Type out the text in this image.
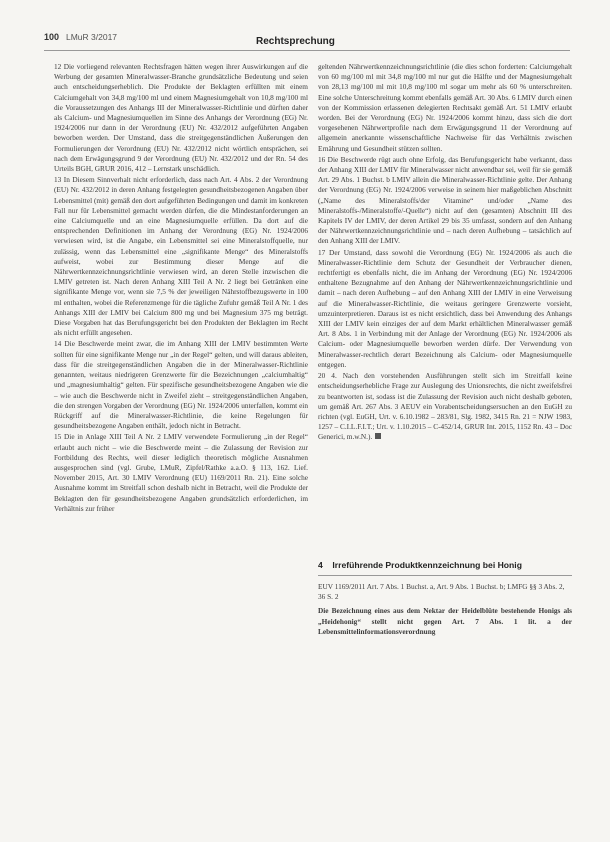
100 LMuR 3/2017	Rechtsprechung

12 Die vorliegend relevanten Rechtsfragen hätten wegen ihrer Auswirkungen auf die Werbung der gesamten Mineralwasser-Branche grundsätzliche Bedeutung und seien auch entscheidungserheblich. Die Produkte der Beklagten erfüllten mit einem Calciumgehalt von 34,8 mg/100 ml und einem Magnesiumgehalt von 10,8 mg/100 ml die Voraussetzungen des Anhangs III der Mineralwasser-Richtlinie und dürften daher als Calcium- und Magnesiumquellen im Sinne des Anhangs der Verordnung (EG) Nr. 1924/2006 nur dann in der Verordnung (EU) Nr. 432/2012 aufgeführten Angaben beworben werden. Der Umstand, dass die streitgegenständlichen Äußerungen den Formulierungen der Verordnung (EU) Nr. 432/2012 nicht wörtlich entsprächen, sei nach dem Erwägungsgrund 9 der Verordnung (EU) Nr. 432/2012 und der Rn. 54 des Urteils BGH, GRUR 2016, 412 – Lernstark unschädlich.

13 In Diesem Sinnverhalt nicht erforderlich, dass nach Art. 4 Abs. 2 der Verordnung (EU) Nr. 432/2012 in deren Anhang festgelegten gesundheitsbezogenen Angaben über Lebensmittel (mit) gemäß den dort aufgeführten Bedingungen und damit im konkreten Fall nur für Lebensmittel gemacht werden dürfen, die die Mindestanforderungen an eine Calciumquelle und an eine Magnesiumquelle erfüllen. Da dort auf die entsprechenden Definitionen im Anhang der Verordnung (EG) Nr. 1924/2006 verwiesen wird, ist die Angabe, ein Lebensmittel sei eine Mineralstoffquelle, nur zulässig, wenn das Lebensmittel eine „signifikante Menge“ des Mineralstoffs aufweist, wobei zur Bestimmung dieser Menge auf die Nährwertkennzeichnungsrichtlinie verwiesen wird, an deren Stelle inzwischen die LMIV getreten ist. Nach deren Anhang XIII Teil A Nr. 2 liegt bei Getränken eine signifikante Menge vor, wenn sie 7,5 % der jeweiligen Nährstoffbezugswerte in 100 ml enthalten, wobei die Referenzmenge für die tägliche Zufuhr gemäß Teil A Nr. 1 des Anhangs XIII der LMIV bei Calcium 800 mg und bei Magnesium 375 mg beträgt. Diese Vorgaben hat das Berufungsgericht bei den Produkten der Beklagten im Recht als nicht erfüllt angesehen.

14 Die Beschwerde meint zwar, die im Anhang XIII der LMIV bestimmten Werte sollten für eine signifikante Menge nur „in der Regel“ gelten, und will daraus ableiten, dass für die streitgegenständlichen Angaben die in der Mineralwasser-Richtlinie genannten, weitaus niedrigeren Grenzwerte für die Bezeichnungen „calciumhaltig“ und „magnesiumhaltig“ gelten. Für spezifische gesundheitsbezogene Angaben wie die – wie auch die Beschwerde nicht in Zweifel zieht – streitgegenständlichen Angaben, die den strengen Vorgaben der Verordnung (EG) Nr. 1924/2006 unterfallen, kommt ein Rückgriff auf die Mineralwasser-Richtlinie, die keine Regelungen für gesundheitsbezogene Angaben enthält, jedoch nicht in Betracht.

15 Die in Anlage XIII Teil A Nr. 2 LMIV verwendete Formulierung „in der Regel“ erlaubt auch nicht – wie die Beschwerde meint – die Zulassung der Revision zur Fortbildung des Rechts, weil dieser lediglich theoretisch mögliche Ausnahmen ausgesprochen sind (vgl. Grube, LMuR, Zipfel/Rathke a.a.O. § 113, 162. Lief. November 2015, Art. 30 LMIV Verordnung (EU) 1169/2011 Rn. 21). Eine solche Ausnahme kommt im Streitfall schon deshalb nicht in Betracht, weil die Produkte der Beklagten den für gesundheitsbezogene Angaben grundsätzlich erforderlichen, im Verhältnis zur früher

geltenden Nährwertkennzeichnungsrichtlinie (die dies schon forderten: Calciumgehalt von 60 mg/100 ml mit 34,8 mg/100 ml nur gut die Hälfte und der Magnesiumgehalt von 28,13 mg/100 ml mit 10,8 mg/100 ml sogar um mehr als 60 % unterschreiten. Eine solche Unterschreitung kommt ebenfalls gemäß Art. 30 Abs. 6 LMIV durch einen von der Kommission erlassenen delegierten Rechtsakt gemäß Art. 51 LMIV erlaubt worden. Bei der Verordnung (EG) Nr. 1924/2006 kommt hinzu, dass sich die dort vorgesehenen Nährwertprofile nach dem Erwägungsgrund 11 der Verordnung auf allgemein anerkannte wissenschaftliche Nachweise für das Verhältnis zwischen Ernährung und Gesundheit stützen sollten.

16 Die Beschwerde rügt auch ohne Erfolg, das Berufungsgericht habe verkannt, dass der Anhang XIII der LMIV für Mineralwasser nicht anwendbar sei, weil für sie gemäß Art. 29 Abs. 1 Buchst. b LMIV allein die Mineralwasser-Richtlinie gelte. Der Anhang der Verordnung (EG) Nr. 1924/2006 verweise in seinem hier maßgeblichen Abschnitt („Name des Mineralstoffs/der Vitamine“ und/oder „Name des Mineralstoffs-/Mineralstoffe/-Quelle“) nicht auf den (gesamten) Abschnitt III des Kapitels IV der LMIV, der deren Artikel 29 bis 35 umfasst, sondern auf den Anhang der Nährwertkennzeichnungsrichtlinie und – nach deren Aufhebung – tatsächlich auf den Anhang XIII der LMIV.

17 Der Umstand, dass sowohl die Verordnung (EG) Nr. 1924/2006 als auch die Mineralwasser-Richtlinie dem Schutz der Gesundheit der Verbraucher dienen, rechtfertigt es ebenfalls nicht, die im Anhang der Verordnung (EG) Nr. 1924/2006 enthaltene Bezugnahme auf den Anhang der Nährwertkennzeichnungsrichtlinie und damit – nach deren Aufhebung – auf den Anhang XIII der LMIV in eine Verweisung auf die Mineralwasser-Richtlinie, die weitaus geringere Grenzwerte vorsieht, umzuinterpretieren. Daraus ist es nicht ersichtlich, dass bei Anwendung des Anhangs XIII der LMIV kein einziges der auf dem Markt erhältlichen Mineralwasser gemäß Art. 8 Abs. 1 in Verbindung mit der Anlage der Verordnung (EG) Nr. 1924/2006 als Calcium- oder Magnesiumquelle beworben werden dürfe. Der Verwendung von Mineralwasser-rechtlich derart Bezeichnung als Calcium- oder Magnesiumquelle entgegen.

20 4. Nach den vorstehenden Ausführungen stellt sich im Streitfall keine entscheidungserhebliche Frage zur Auslegung des Unionsrechts, die nicht zweifelsfrei zu beantworten ist, sodass ist die Zulassung der Revision auch nicht deshalb geboten, um gemäß Art. 267 Abs. 3 AEUV ein Vorabentscheidungsersuchen an den EuGH zu richten (vgl. EuGH, Urt. v. 6.10.1982 – 283/81, Slg. 1982, 3415 Rn. 21 = NJW 1983, 1257 – C.I.L.F.I.T.; Urt. v. 1.10.2015 – C-452/14, GRUR Int. 2015, 1152 Rn. 43 – Doc Generici, m.w.N.).

4 Irreführende Produktkennzeichnung bei Honig
EUV 1169/2011 Art. 7 Abs. 1 Buchst. a, Art. 9 Abs. 1 Buchst. b; LMFG §§ 3 Abs. 2, 36 S. 2
Die Bezeichnung eines aus dem Nektar der Heidelblüte bestehende Honigs als „Heidehonig“ stellt nicht gegen Art. 7 Abs. 1 lit. a der Lebensmittelinformationsverordnung
